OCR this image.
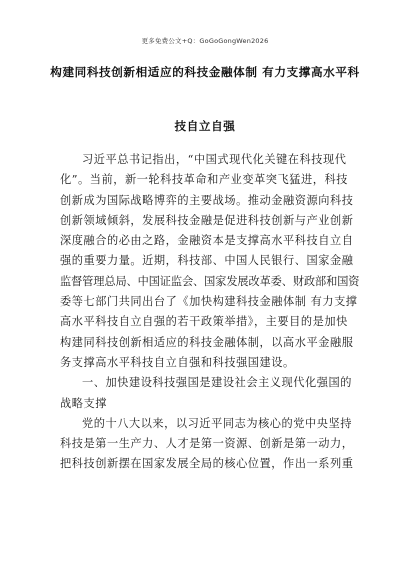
更多免费公文+Q：GoGoGongWen2026
构建同科技创新相适应的科技金融体制 有力支撑高水平科
技自立自强
习近平总书记指出，“中国式现代化关键在科技现代
化”。当前，新一轮科技革命和产业变革突飞猛进，科技
创新成为国际战略博弈的主要战场。推动金融资源向科技
创新领域倾斜，发展科技金融是促进科技创新与产业创新
深度融合的必由之路，金融资本是支撑高水平科技自立自
强的重要力量。近期，科技部、中国人民银行、国家金融
监督管理总局、中国证监会、国家发展改革委、财政部和国资
委等七部门共同出台了《加快构建科技金融体制 有力支撑
高水平科技自立自强的若干政策举措》，主要目的是加快
构建同科技创新相适应的科技金融体制，以高水平金融服
务支撑高水平科技自立自强和科技强国建设。
一、加快建设科技强国是建设社会主义现代化强国的
战略支撑
党的十八大以来，以习近平同志为核心的党中央坚持
科技是第一生产力、人才是第一资源、创新是第一动力，
把科技创新摆在国家发展全局的核心位置，作出一系列重
